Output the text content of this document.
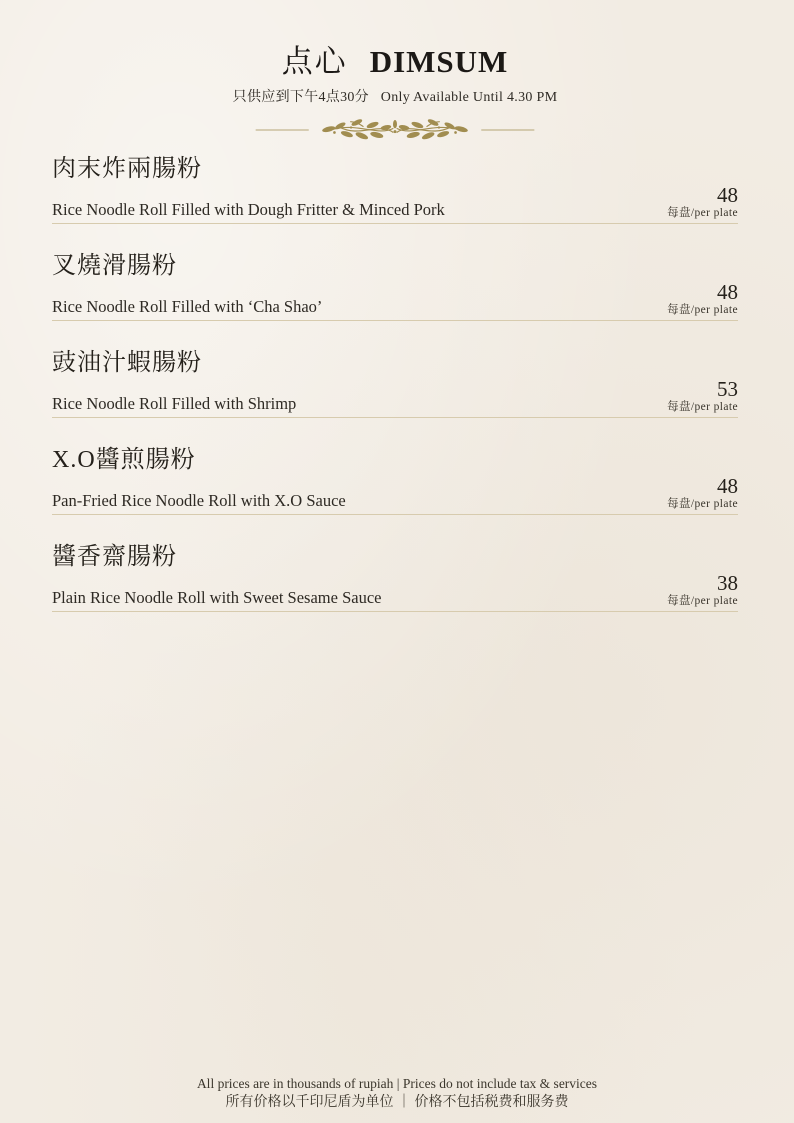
点心 DIMSUM

只供应到下午4点30分 Only Available Until 4.30 PM

肉末炸兩腸粉
Rice Noodle Roll Filled with Dough Fritter & Minced Pork
48
每盘/per plate
叉燒滑腸粉
Rice Noodle Roll Filled with ‘Cha Shao’
48
每盘/per plate
豉油汁蝦腸粉
Rice Noodle Roll Filled with Shrimp
53
每盘/per plate
X.O醬煎腸粉
Pan-Fried Rice Noodle Roll with X.O Sauce
48
每盘/per plate
醬香齋腸粉
Plain Rice Noodle Roll with Sweet Sesame Sauce
38
每盘/per plate

All prices are in thousands of rupiah | Prices do not include tax & services

所有价格以千印尼盾为单位 ｜ 价格不包括税费和服务费
